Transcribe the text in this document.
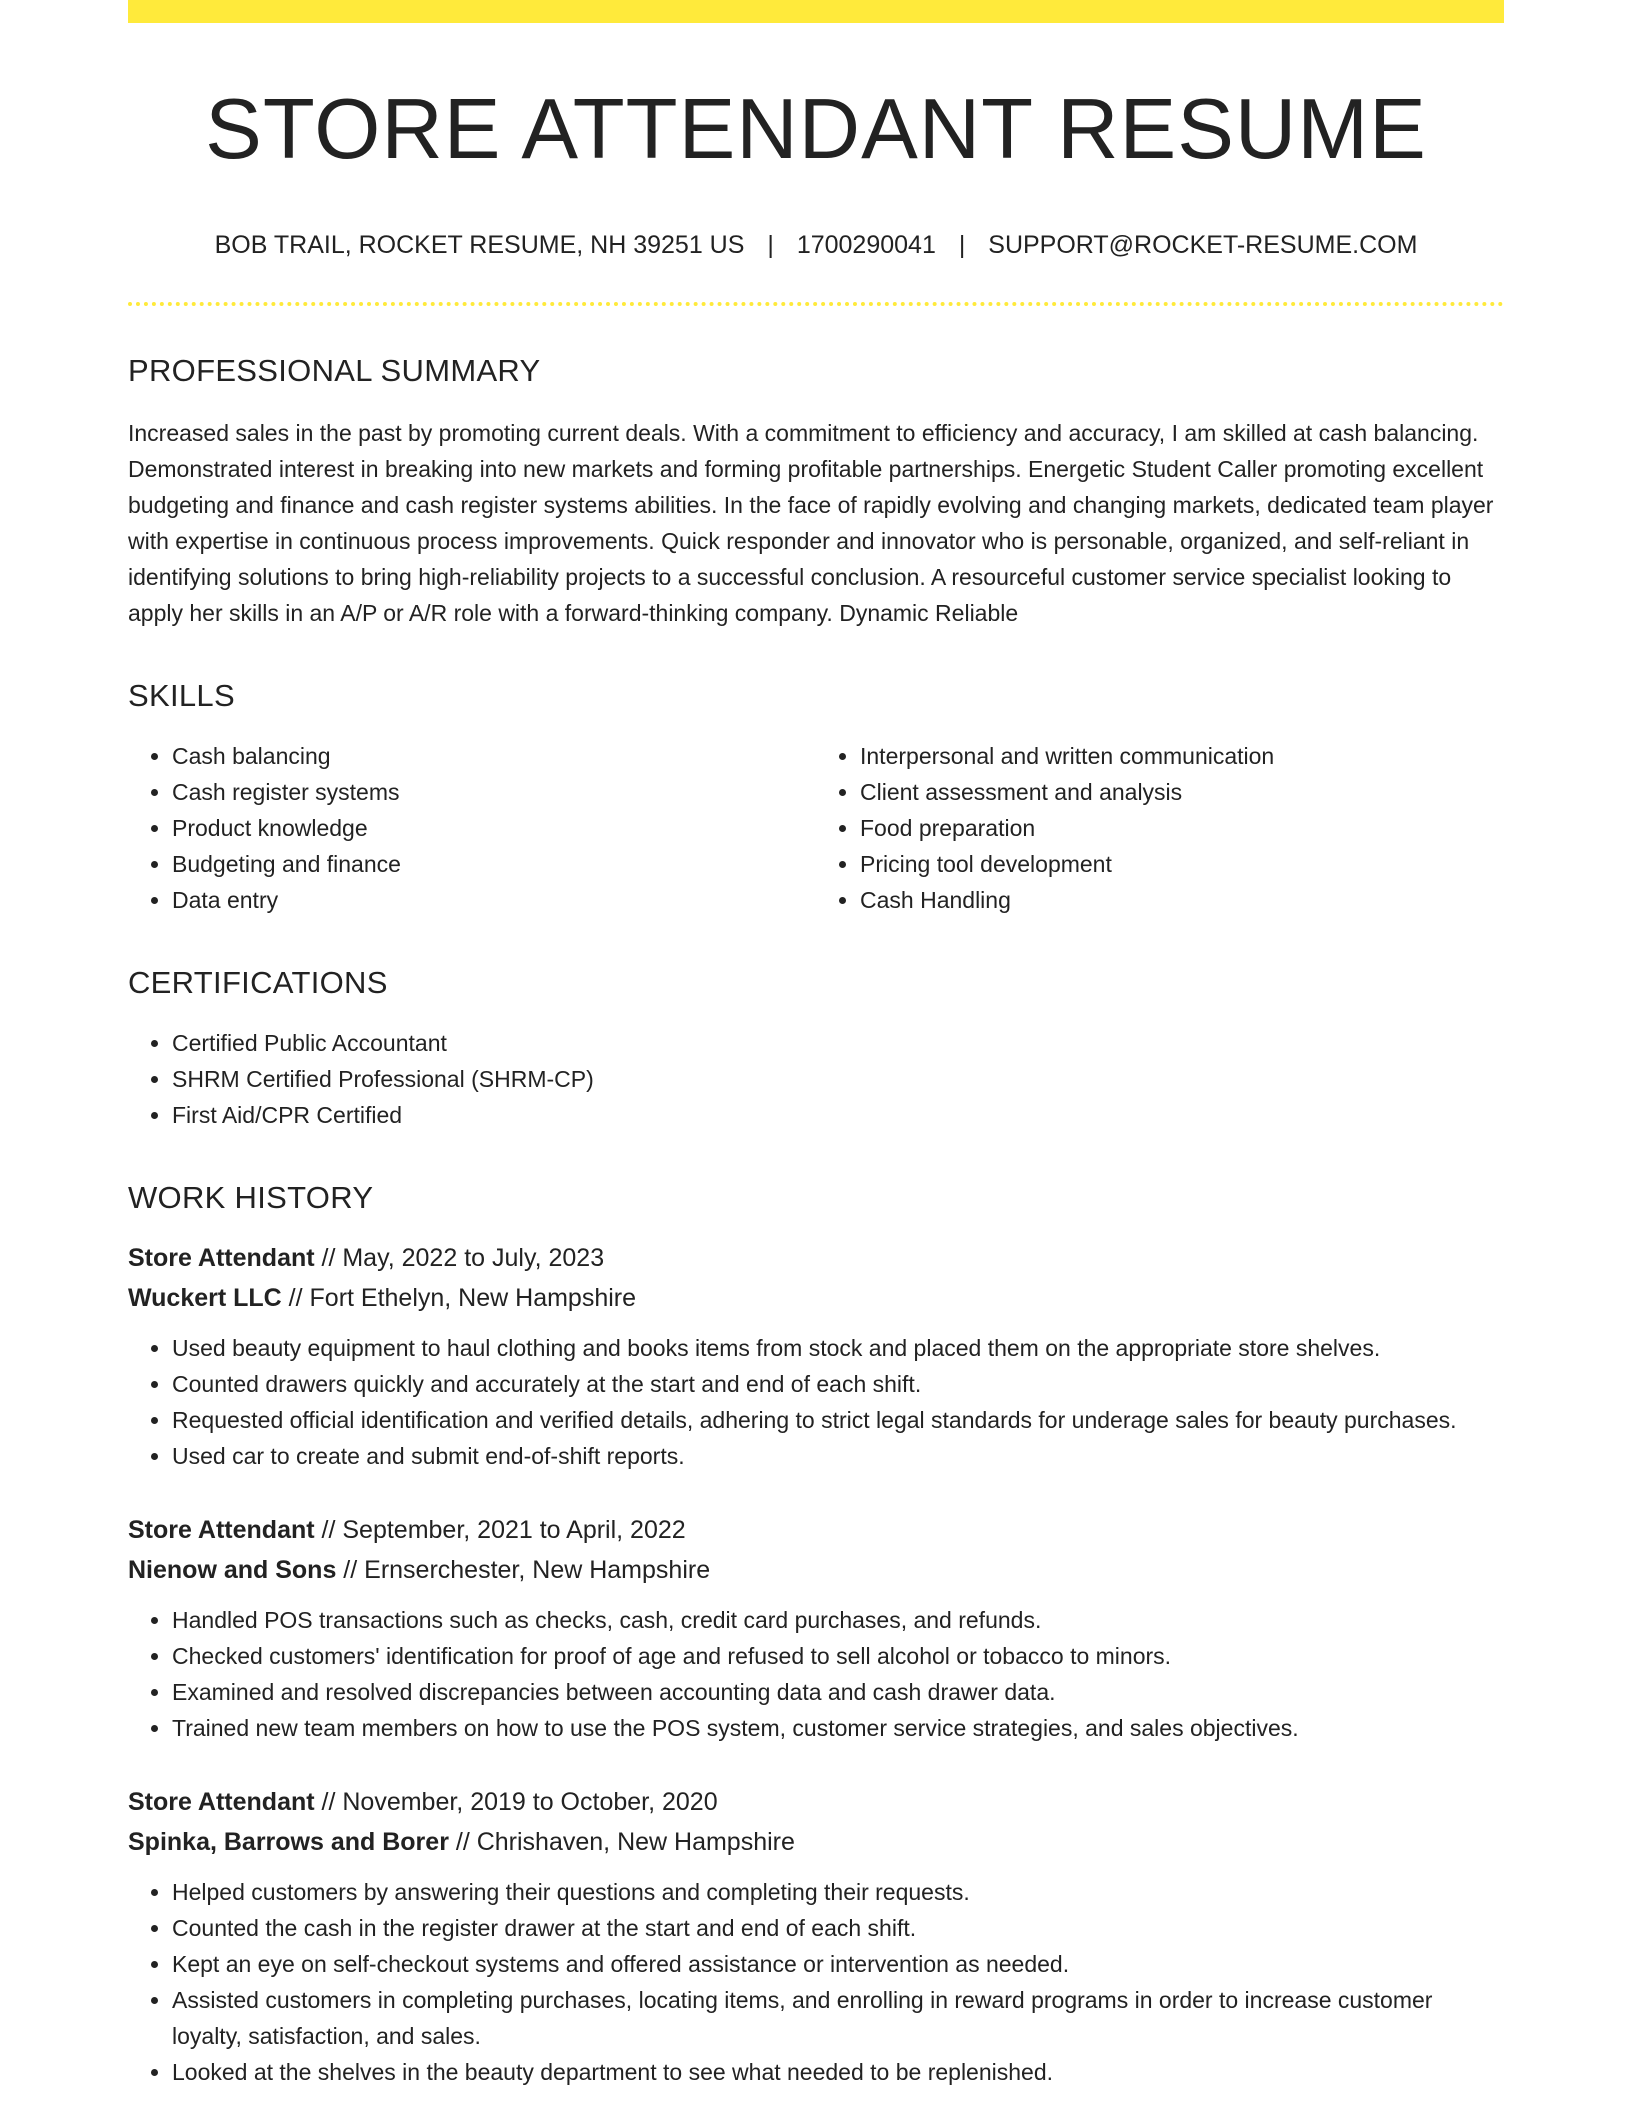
STORE ATTENDANT RESUME
BOB TRAIL, ROCKET RESUME, NH 39251 US | 1700290041 | SUPPORT@ROCKET-RESUME.COM
PROFESSIONAL SUMMARY
Increased sales in the past by promoting current deals. With a commitment to efficiency and accuracy, I am skilled at cash balancing. Demonstrated interest in breaking into new markets and forming profitable partnerships. Energetic Student Caller promoting excellent budgeting and finance and cash register systems abilities. In the face of rapidly evolving and changing markets, dedicated team player with expertise in continuous process improvements. Quick responder and innovator who is personable, organized, and self-reliant in identifying solutions to bring high-reliability projects to a successful conclusion. A resourceful customer service specialist looking to apply her skills in an A/P or A/R role with a forward-thinking company. Dynamic Reliable
SKILLS
• Cash balancing
• Cash register systems
• Product knowledge
• Budgeting and finance
• Data entry
• Interpersonal and written communication
• Client assessment and analysis
• Food preparation
• Pricing tool development
• Cash Handling
CERTIFICATIONS
• Certified Public Accountant
• SHRM Certified Professional (SHRM-CP)
• First Aid/CPR Certified
WORK HISTORY
Store Attendant // May, 2022 to July, 2023
Wuckert LLC // Fort Ethelyn, New Hampshire
• Used beauty equipment to haul clothing and books items from stock and placed them on the appropriate store shelves.
• Counted drawers quickly and accurately at the start and end of each shift.
• Requested official identification and verified details, adhering to strict legal standards for underage sales for beauty purchases.
• Used car to create and submit end-of-shift reports.
Store Attendant // September, 2021 to April, 2022
Nienow and Sons // Ernserchester, New Hampshire
• Handled POS transactions such as checks, cash, credit card purchases, and refunds.
• Checked customers' identification for proof of age and refused to sell alcohol or tobacco to minors.
• Examined and resolved discrepancies between accounting data and cash drawer data.
• Trained new team members on how to use the POS system, customer service strategies, and sales objectives.
Store Attendant // November, 2019 to October, 2020
Spinka, Barrows and Borer // Chrishaven, New Hampshire
• Helped customers by answering their questions and completing their requests.
• Counted the cash in the register drawer at the start and end of each shift.
• Kept an eye on self-checkout systems and offered assistance or intervention as needed.
• Assisted customers in completing purchases, locating items, and enrolling in reward programs in order to increase customer loyalty, satisfaction, and sales.
• Looked at the shelves in the beauty department to see what needed to be replenished.
